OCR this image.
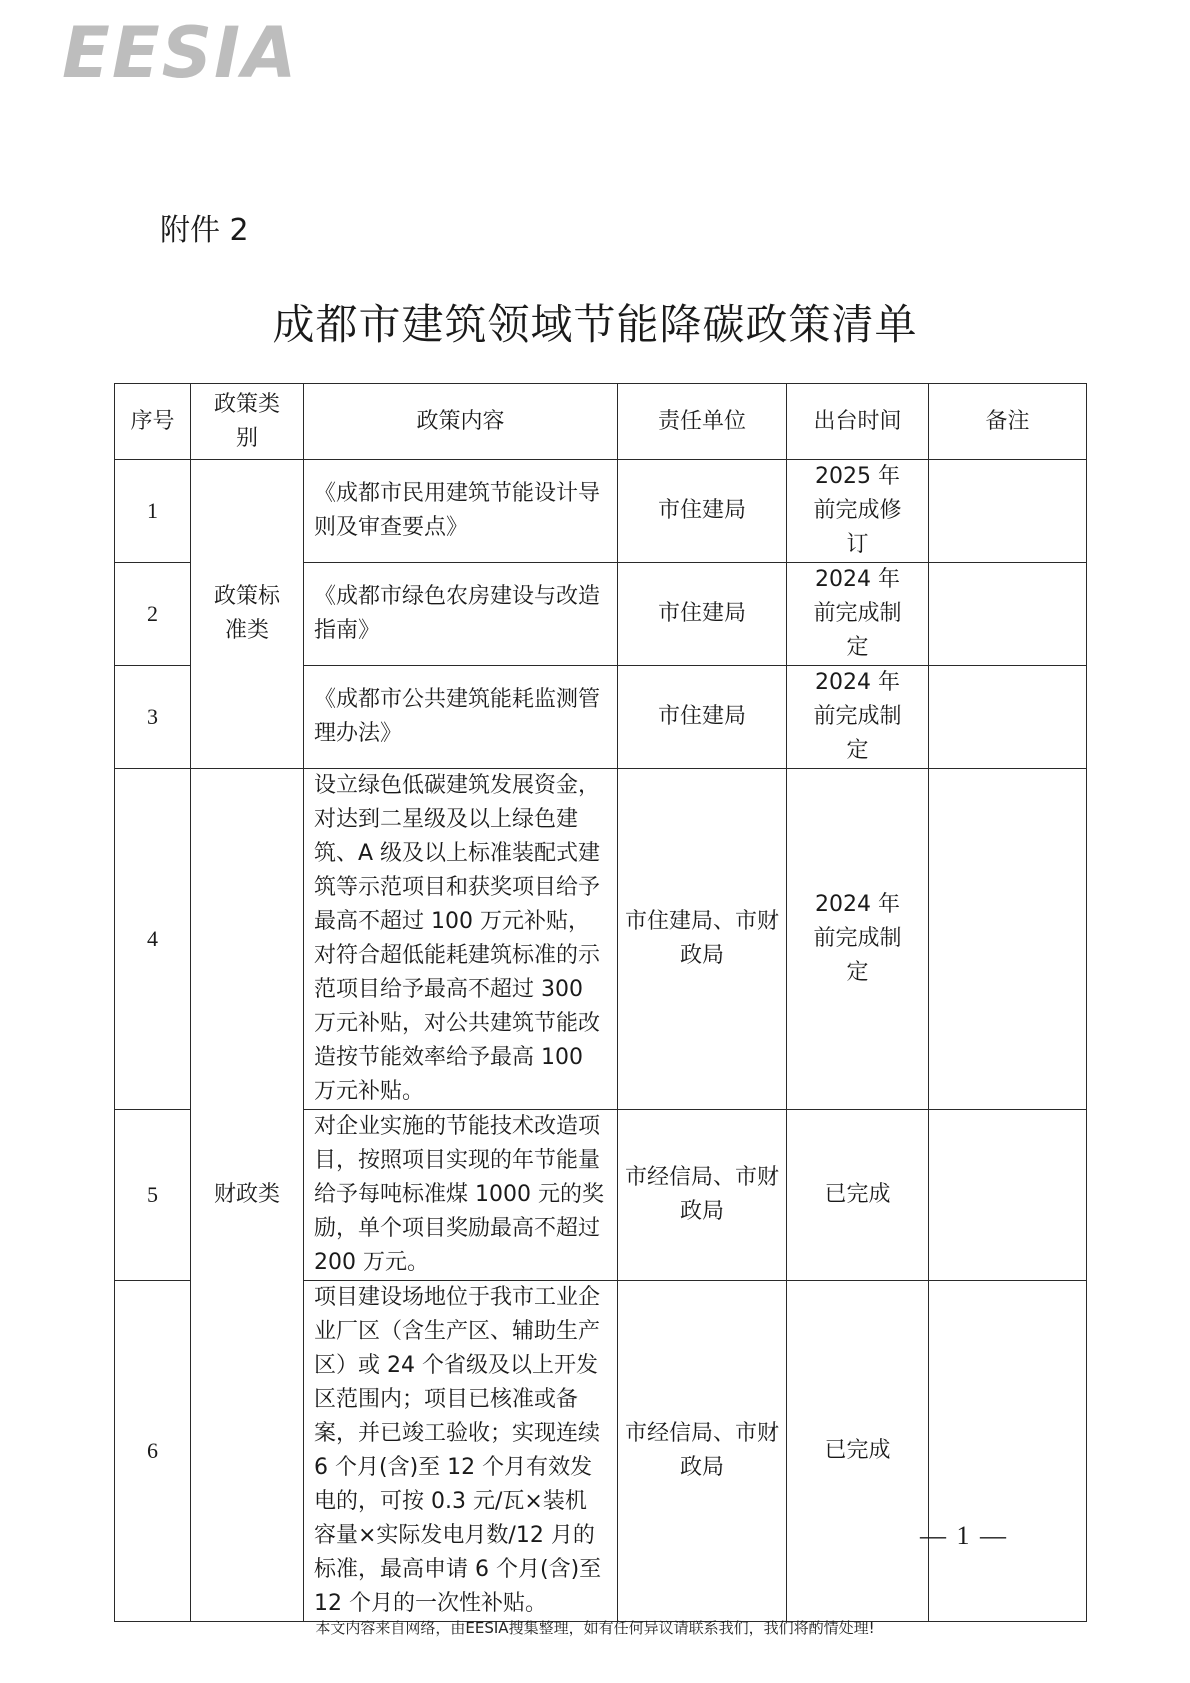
EESIA
附件 2
成都市建筑领域节能降碳政策清单
序号	政策类别	政策内容	责任单位	出台时间	备注
1	政策标准类	《成都市民用建筑节能设计导则及审查要点》	市住建局	2025 年前完成修订	
2		《成都市绿色农房建设与改造指南》	市住建局	2024 年前完成制定	
3		《成都市公共建筑能耗监测管理办法》	市住建局	2024 年前完成制定	
4	财政类	设立绿色低碳建筑发展资金，对达到二星级及以上绿色建筑、A 级及以上标准装配式建筑等示范项目和获奖项目给予最高不超过 100 万元补贴，对符合超低能耗建筑标准的示范项目给予最高不超过 300 万元补贴，对公共建筑节能改造按节能效率给予最高 100 万元补贴。	市住建局、市财政局	2024 年前完成制定	
5		对企业实施的节能技术改造项目，按照项目实现的年节能量给予每吨标准煤 1000 元的奖励，单个项目奖励最高不超过 200 万元。	市经信局、市财政局	已完成	
6		项目建设场地位于我市工业企业厂区（含生产区、辅助生产区）或 24 个省级及以上开发区范围内；项目已核准或备案，并已竣工验收；实现连续 6 个月(含)至 12 个月有效发电的，可按 0.3 元/瓦×装机容量×实际发电月数/12 月的标准，最高申请 6 个月(含)至 12 个月的一次性补贴。	市经信局、市财政局	已完成	
— 1 —
本文内容来自网络，由EESIA搜集整理，如有任何异议请联系我们，我们将酌情处理!
